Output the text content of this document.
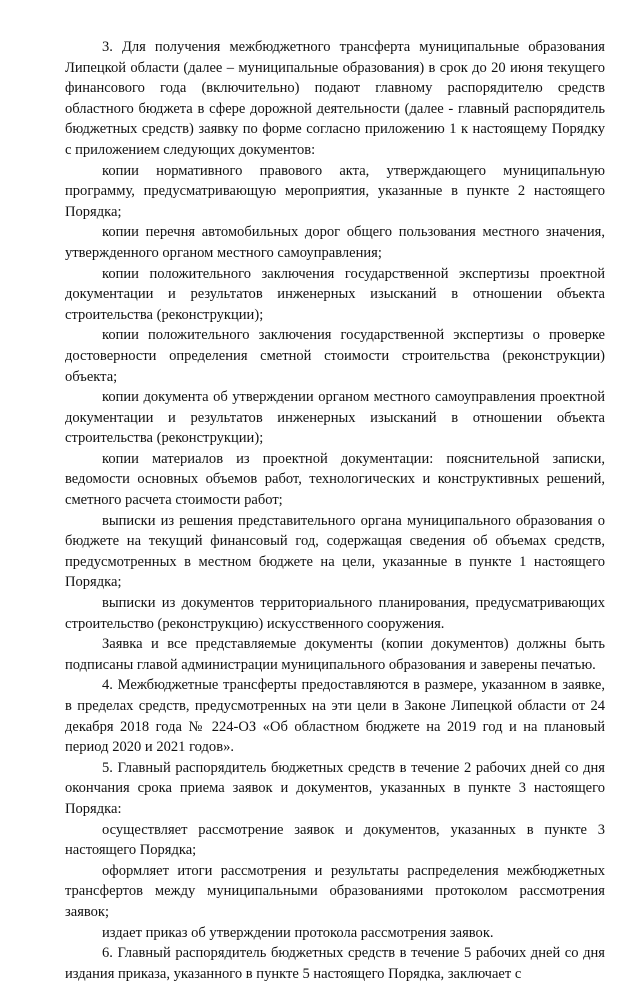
3. Для получения межбюджетного трансферта муниципальные образования Липецкой области (далее – муниципальные образования) в срок до 20 июня текущего финансового года (включительно) подают главному распорядителю средств областного бюджета в сфере дорожной деятельности (далее - главный распорядитель бюджетных средств) заявку по форме согласно приложению 1 к настоящему Порядку с приложением следующих документов:

копии нормативного правового акта, утверждающего муниципальную программу, предусматривающую мероприятия, указанные в пункте 2 настоящего Порядка;

копии перечня автомобильных дорог общего пользования местного значения, утвержденного органом местного самоуправления;

копии положительного заключения государственной экспертизы проектной документации и результатов инженерных изысканий в отношении объекта строительства (реконструкции);

копии положительного заключения государственной экспертизы о проверке достоверности определения сметной стоимости строительства (реконструкции) объекта;

копии документа об утверждении органом местного самоуправления проектной документации и результатов инженерных изысканий в отношении объекта строительства (реконструкции);

копии материалов из проектной документации: пояснительной записки, ведомости основных объемов работ, технологических и конструктивных решений, сметного расчета стоимости работ;

выписки из решения представительного органа муниципального образования о бюджете на текущий финансовый год, содержащая сведения об объемах средств, предусмотренных в местном бюджете на цели, указанные в пункте 1 настоящего Порядка;

выписки из документов территориального планирования, предусматривающих строительство (реконструкцию) искусственного сооружения.

Заявка и все представляемые документы (копии документов) должны быть подписаны главой администрации муниципального образования и заверены печатью.

4. Межбюджетные трансферты предоставляются в размере, указанном в заявке, в пределах средств, предусмотренных на эти цели в Законе Липецкой области от 24 декабря 2018 года № 224-ОЗ «Об областном бюджете на 2019 год и на плановый период 2020 и 2021 годов».

5. Главный распорядитель бюджетных средств в течение 2 рабочих дней со дня окончания срока приема заявок и документов, указанных в пункте 3 настоящего Порядка:

осуществляет рассмотрение заявок и документов, указанных в пункте 3 настоящего Порядка;

оформляет итоги рассмотрения и результаты распределения межбюджетных трансфертов между муниципальными образованиями протоколом рассмотрения заявок;

издает приказ об утверждении протокола рассмотрения заявок.

6. Главный распорядитель бюджетных средств в течение 5 рабочих дней со дня издания приказа, указанного в пункте 5 настоящего Порядка, заключает с
